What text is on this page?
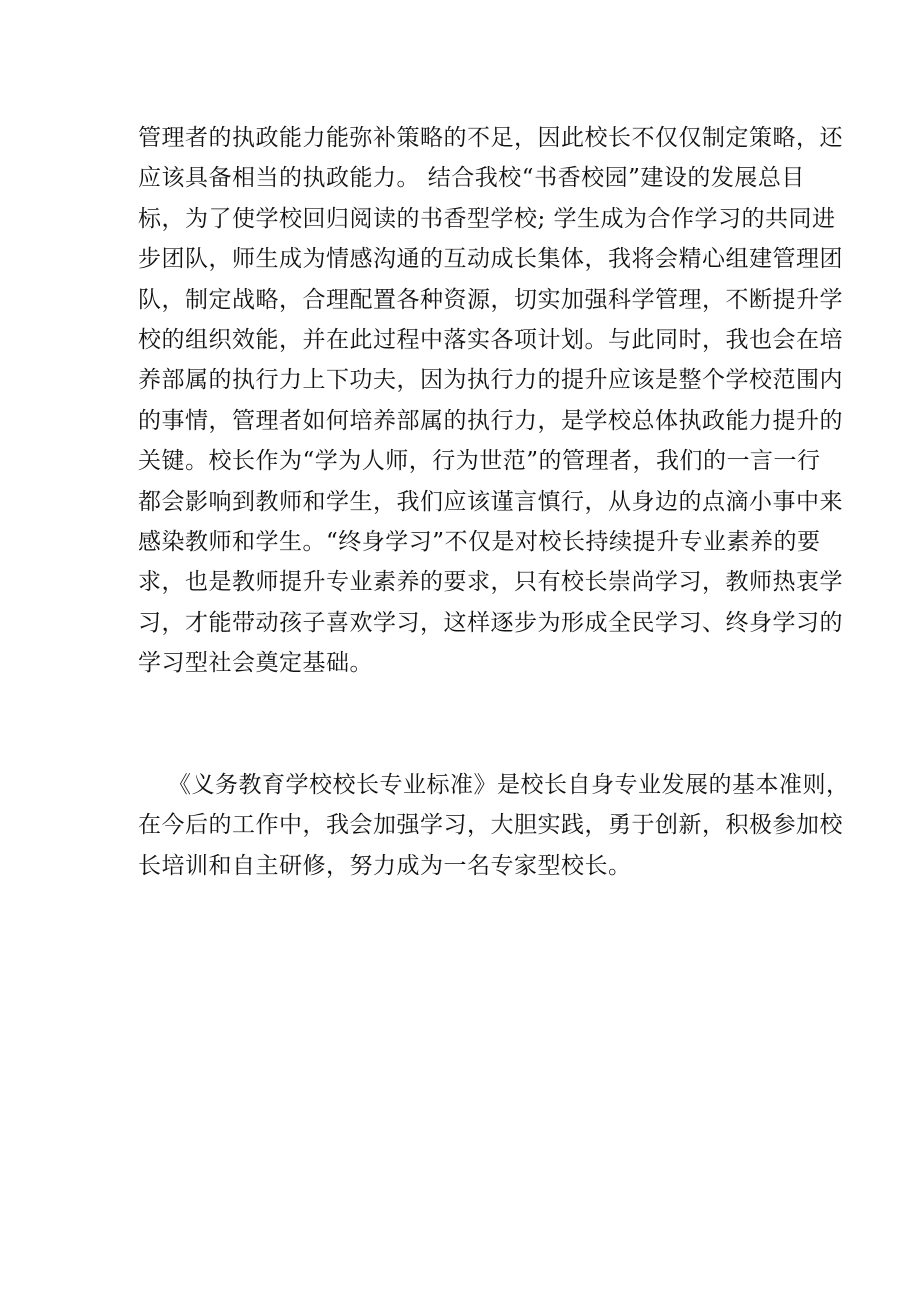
管理者的执政能力能弥补策略的不足，因此校长不仅仅制定策略，还
应该具备相当的执政能力。 结合我校“书香校园”建设的发展总目
标，为了使学校回归阅读的书香型学校; 学生成为合作学习的共同进
步团队，师生成为情感沟通的互动成长集体，我将会精心组建管理团
队，制定战略，合理配置各种资源，切实加强科学管理，不断提升学
校的组织效能，并在此过程中落实各项计划。与此同时，我也会在培
养部属的执行力上下功夫，因为执行力的提升应该是整个学校范围内
的事情，管理者如何培养部属的执行力，是学校总体执政能力提升的
关键。校长作为“学为人师，行为世范”的管理者，我们的一言一行
都会影响到教师和学生，我们应该谨言慎行，从身边的点滴小事中来
感染教师和学生。“终身学习”不仅是对校长持续提升专业素养的要
求，也是教师提升专业素养的要求，只有校长崇尚学习，教师热衷学
习，才能带动孩子喜欢学习，这样逐步为形成全民学习、终身学习的
学习型社会奠定基础。
《义务教育学校校长专业标准》是校长自身专业发展的基本准则，
在今后的工作中，我会加强学习，大胆实践，勇于创新，积极参加校
长培训和自主研修，努力成为一名专家型校长。
